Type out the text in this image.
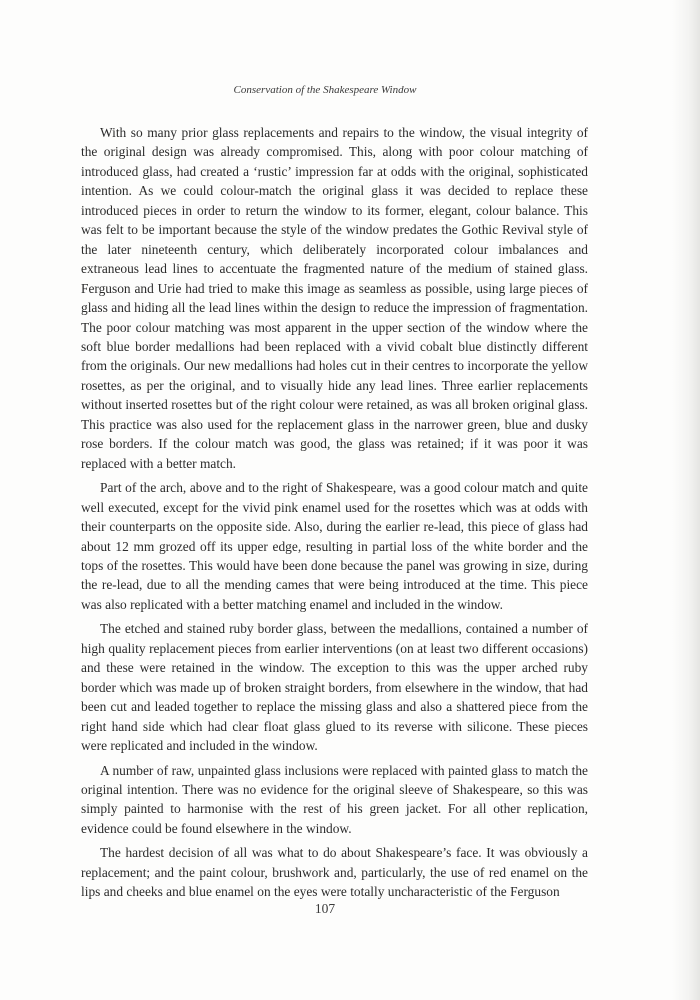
Conservation of the Shakespeare Window

With so many prior glass replacements and repairs to the window, the visual integrity of the original design was already compromised. This, along with poor colour matching of introduced glass, had created a ‘rustic’ impression far at odds with the original, sophisticated intention. As we could colour-match the original glass it was decided to replace these introduced pieces in order to return the window to its former, elegant, colour balance. This was felt to be important because the style of the window predates the Gothic Revival style of the later nineteenth century, which deliberately incorporated colour imbalances and extraneous lead lines to accentuate the fragmented nature of the medium of stained glass. Ferguson and Urie had tried to make this image as seamless as possible, using large pieces of glass and hiding all the lead lines within the design to reduce the impression of fragmentation. The poor colour matching was most apparent in the upper section of the window where the soft blue border medallions had been replaced with a vivid cobalt blue distinctly different from the originals. Our new medallions had holes cut in their centres to incorporate the yellow rosettes, as per the original, and to visually hide any lead lines. Three earlier replacements without inserted rosettes but of the right colour were retained, as was all broken original glass. This practice was also used for the replacement glass in the narrower green, blue and dusky rose borders. If the colour match was good, the glass was retained; if it was poor it was replaced with a better match.

Part of the arch, above and to the right of Shakespeare, was a good colour match and quite well executed, except for the vivid pink enamel used for the rosettes which was at odds with their counterparts on the opposite side. Also, during the earlier re-lead, this piece of glass had about 12 mm grozed off its upper edge, resulting in partial loss of the white border and the tops of the rosettes. This would have been done because the panel was growing in size, during the re-lead, due to all the mending cames that were being introduced at the time. This piece was also replicated with a better matching enamel and included in the window.

The etched and stained ruby border glass, between the medallions, contained a number of high quality replacement pieces from earlier interventions (on at least two different occasions) and these were retained in the window. The exception to this was the upper arched ruby border which was made up of broken straight borders, from elsewhere in the window, that had been cut and leaded together to replace the missing glass and also a shattered piece from the right hand side which had clear float glass glued to its reverse with silicone. These pieces were replicated and included in the window.

A number of raw, unpainted glass inclusions were replaced with painted glass to match the original intention. There was no evidence for the original sleeve of Shakespeare, so this was simply painted to harmonise with the rest of his green jacket. For all other replication, evidence could be found elsewhere in the window.

The hardest decision of all was what to do about Shakespeare’s face. It was obviously a replacement; and the paint colour, brushwork and, particularly, the use of red enamel on the lips and cheeks and blue enamel on the eyes were totally uncharacteristic of the Ferguson

107
